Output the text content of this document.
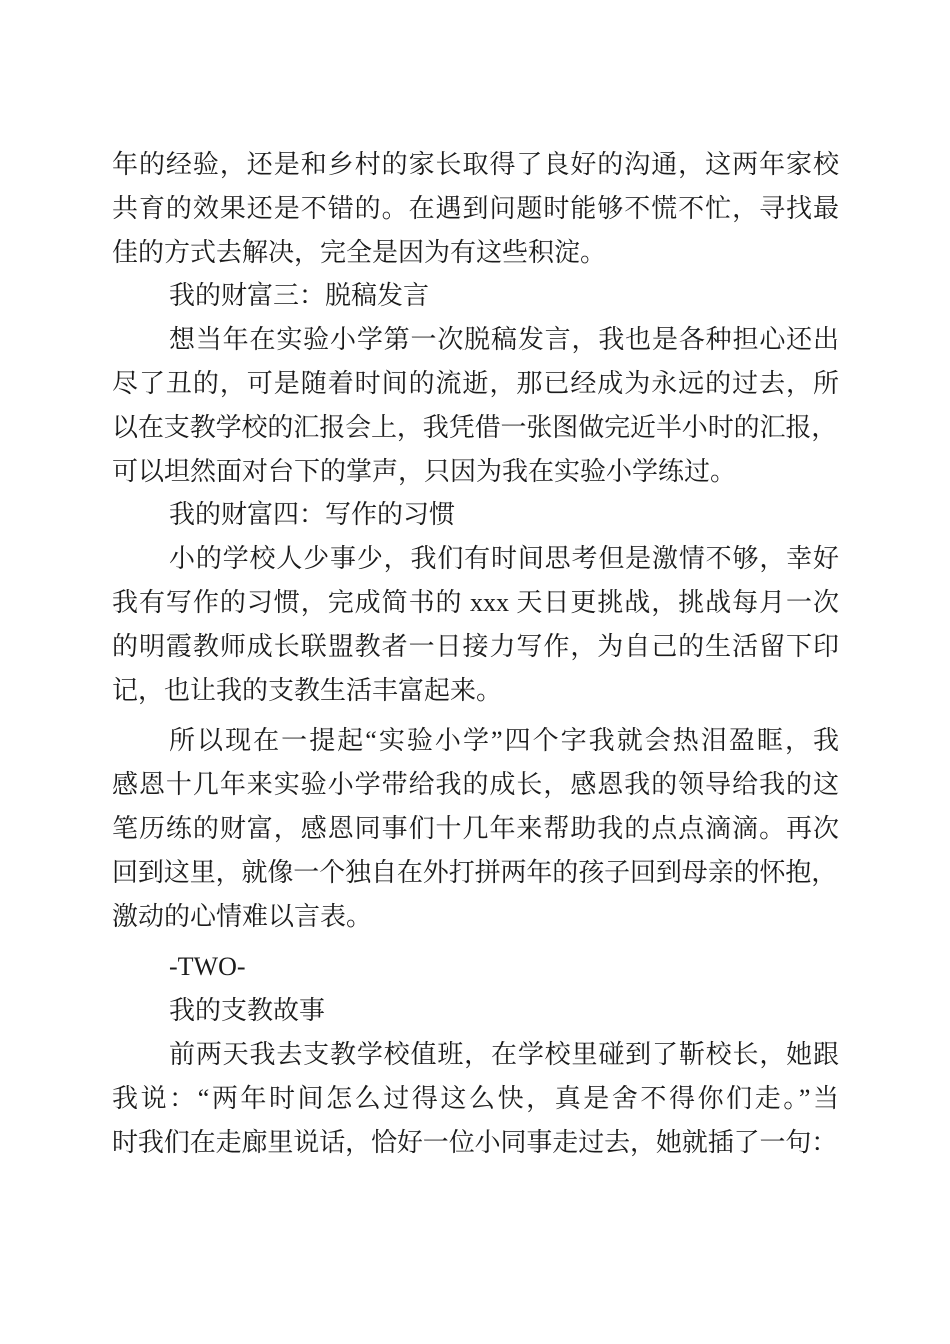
年的经验，还是和乡村的家长取得了良好的沟通，这两年家校
共育的效果还是不错的。在遇到问题时能够不慌不忙，寻找最
佳的方式去解决，完全是因为有这些积淀。
我的财富三：脱稿发言
想当年在实验小学第一次脱稿发言，我也是各种担心还出
尽了丑的，可是随着时间的流逝，那已经成为永远的过去，所
以在支教学校的汇报会上，我凭借一张图做完近半小时的汇报，
可以坦然面对台下的掌声，只因为我在实验小学练过。
我的财富四：写作的习惯
小的学校人少事少，我们有时间思考但是激情不够，幸好
我有写作的习惯，完成简书的 xxx 天日更挑战，挑战每月一次
的明霞教师成长联盟教者一日接力写作，为自己的生活留下印
记，也让我的支教生活丰富起来。
所以现在一提起“实验小学”四个字我就会热泪盈眶，我
感恩十几年来实验小学带给我的成长，感恩我的领导给我的这
笔历练的财富，感恩同事们十几年来帮助我的点点滴滴。再次
回到这里，就像一个独自在外打拼两年的孩子回到母亲的怀抱，
激动的心情难以言表。
-TWO-
我的支教故事
前两天我去支教学校值班，在学校里碰到了靳校长，她跟
我说：“两年时间怎么过得这么快，真是舍不得你们走。”当
时我们在走廊里说话，恰好一位小同事走过去，她就插了一句：
